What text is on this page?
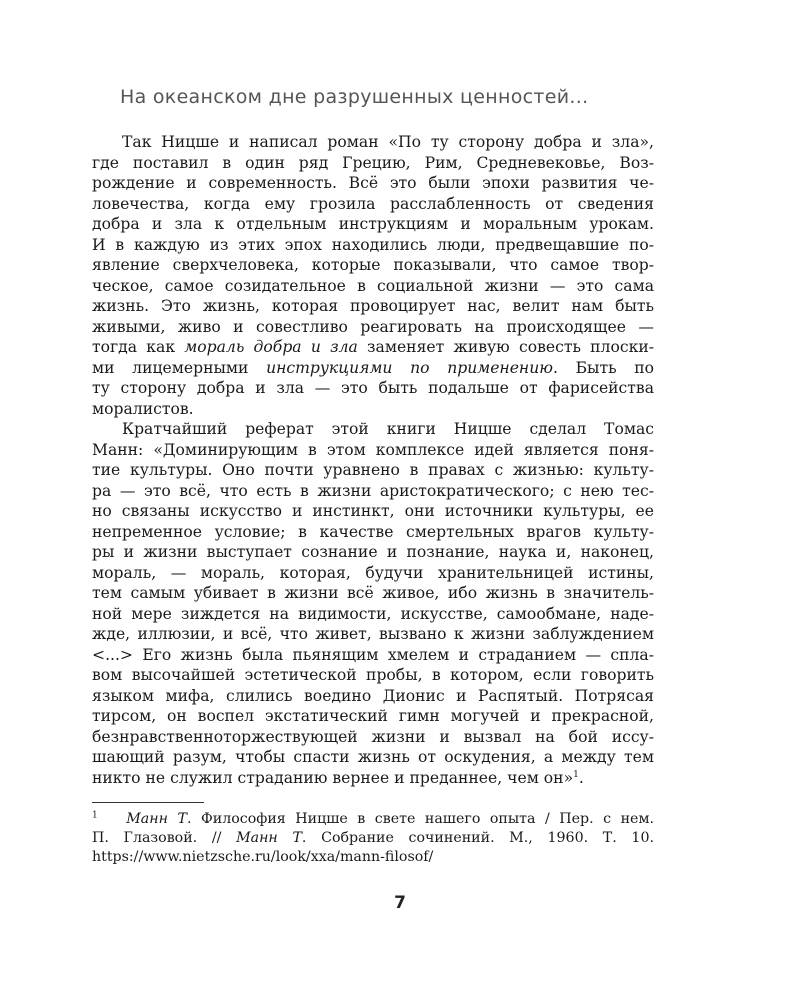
На океанском дне разрушенных ценностей...
Так Ницше и написал роман «По ту сторону добра и зла»,
где поставил в один ряд Грецию, Рим, Средневековье, Воз-
рождение и современность. Всё это были эпохи развития че-
ловечества, когда ему грозила расслабленность от сведения
добра и зла к отдельным инструкциям и моральным урокам.
И в каждую из этих эпох находились люди, предвещавшие по-
явление сверхчеловека, которые показывали, что самое твор-
ческое, самое созидательное в социальной жизни — это сама
жизнь. Это жизнь, которая провоцирует нас, велит нам быть
живыми, живо и совестливо реагировать на происходящее —
тогда как мораль добра и зла заменяет живую совесть плоски-
ми лицемерными инструкциями по применению. Быть по
ту сторону добра и зла — это быть подальше от фарисейства
моралистов.
Кратчайший реферат этой книги Ницше сделал Томас
Манн: «Доминирующим в этом комплексе идей является поня-
тие культуры. Оно почти уравнено в правах с жизнью: культу-
ра — это всё, что есть в жизни аристократического; с нею тес-
но связаны искусство и инстинкт, они источники культуры, ее
непременное условие; в качестве смертельных врагов культу-
ры и жизни выступает сознание и познание, наука и, наконец,
мораль, — мораль, которая, будучи хранительницей истины,
тем самым убивает в жизни всё живое, ибо жизнь в значитель-
ной мере зиждется на видимости, искусстве, самообмане, наде-
жде, иллюзии, и всё, что живет, вызвано к жизни заблуждением
<...> Его жизнь была пьянящим хмелем и страданием — спла-
вом высочайшей эстетической пробы, в котором, если говорить
языком мифа, слились воедино Дионис и Распятый. Потрясая
тирсом, он воспел экстатический гимн могучей и прекрасной,
безнравственноторжествующей жизни и вызвал на бой иссу-
шающий разум, чтобы спасти жизнь от оскудения, а между тем
никто не служил страданию вернее и преданнее, чем он»$^1$.
$^1$ Манн Т. Философия Ницше в свете нашего опыта / Пер. с нем.
П. Глазовой. // Манн Т. Собрание сочинений. М., 1960. Т. 10.
https://www.nietzsche.ru/look/xxa/mann-filosof/
7
